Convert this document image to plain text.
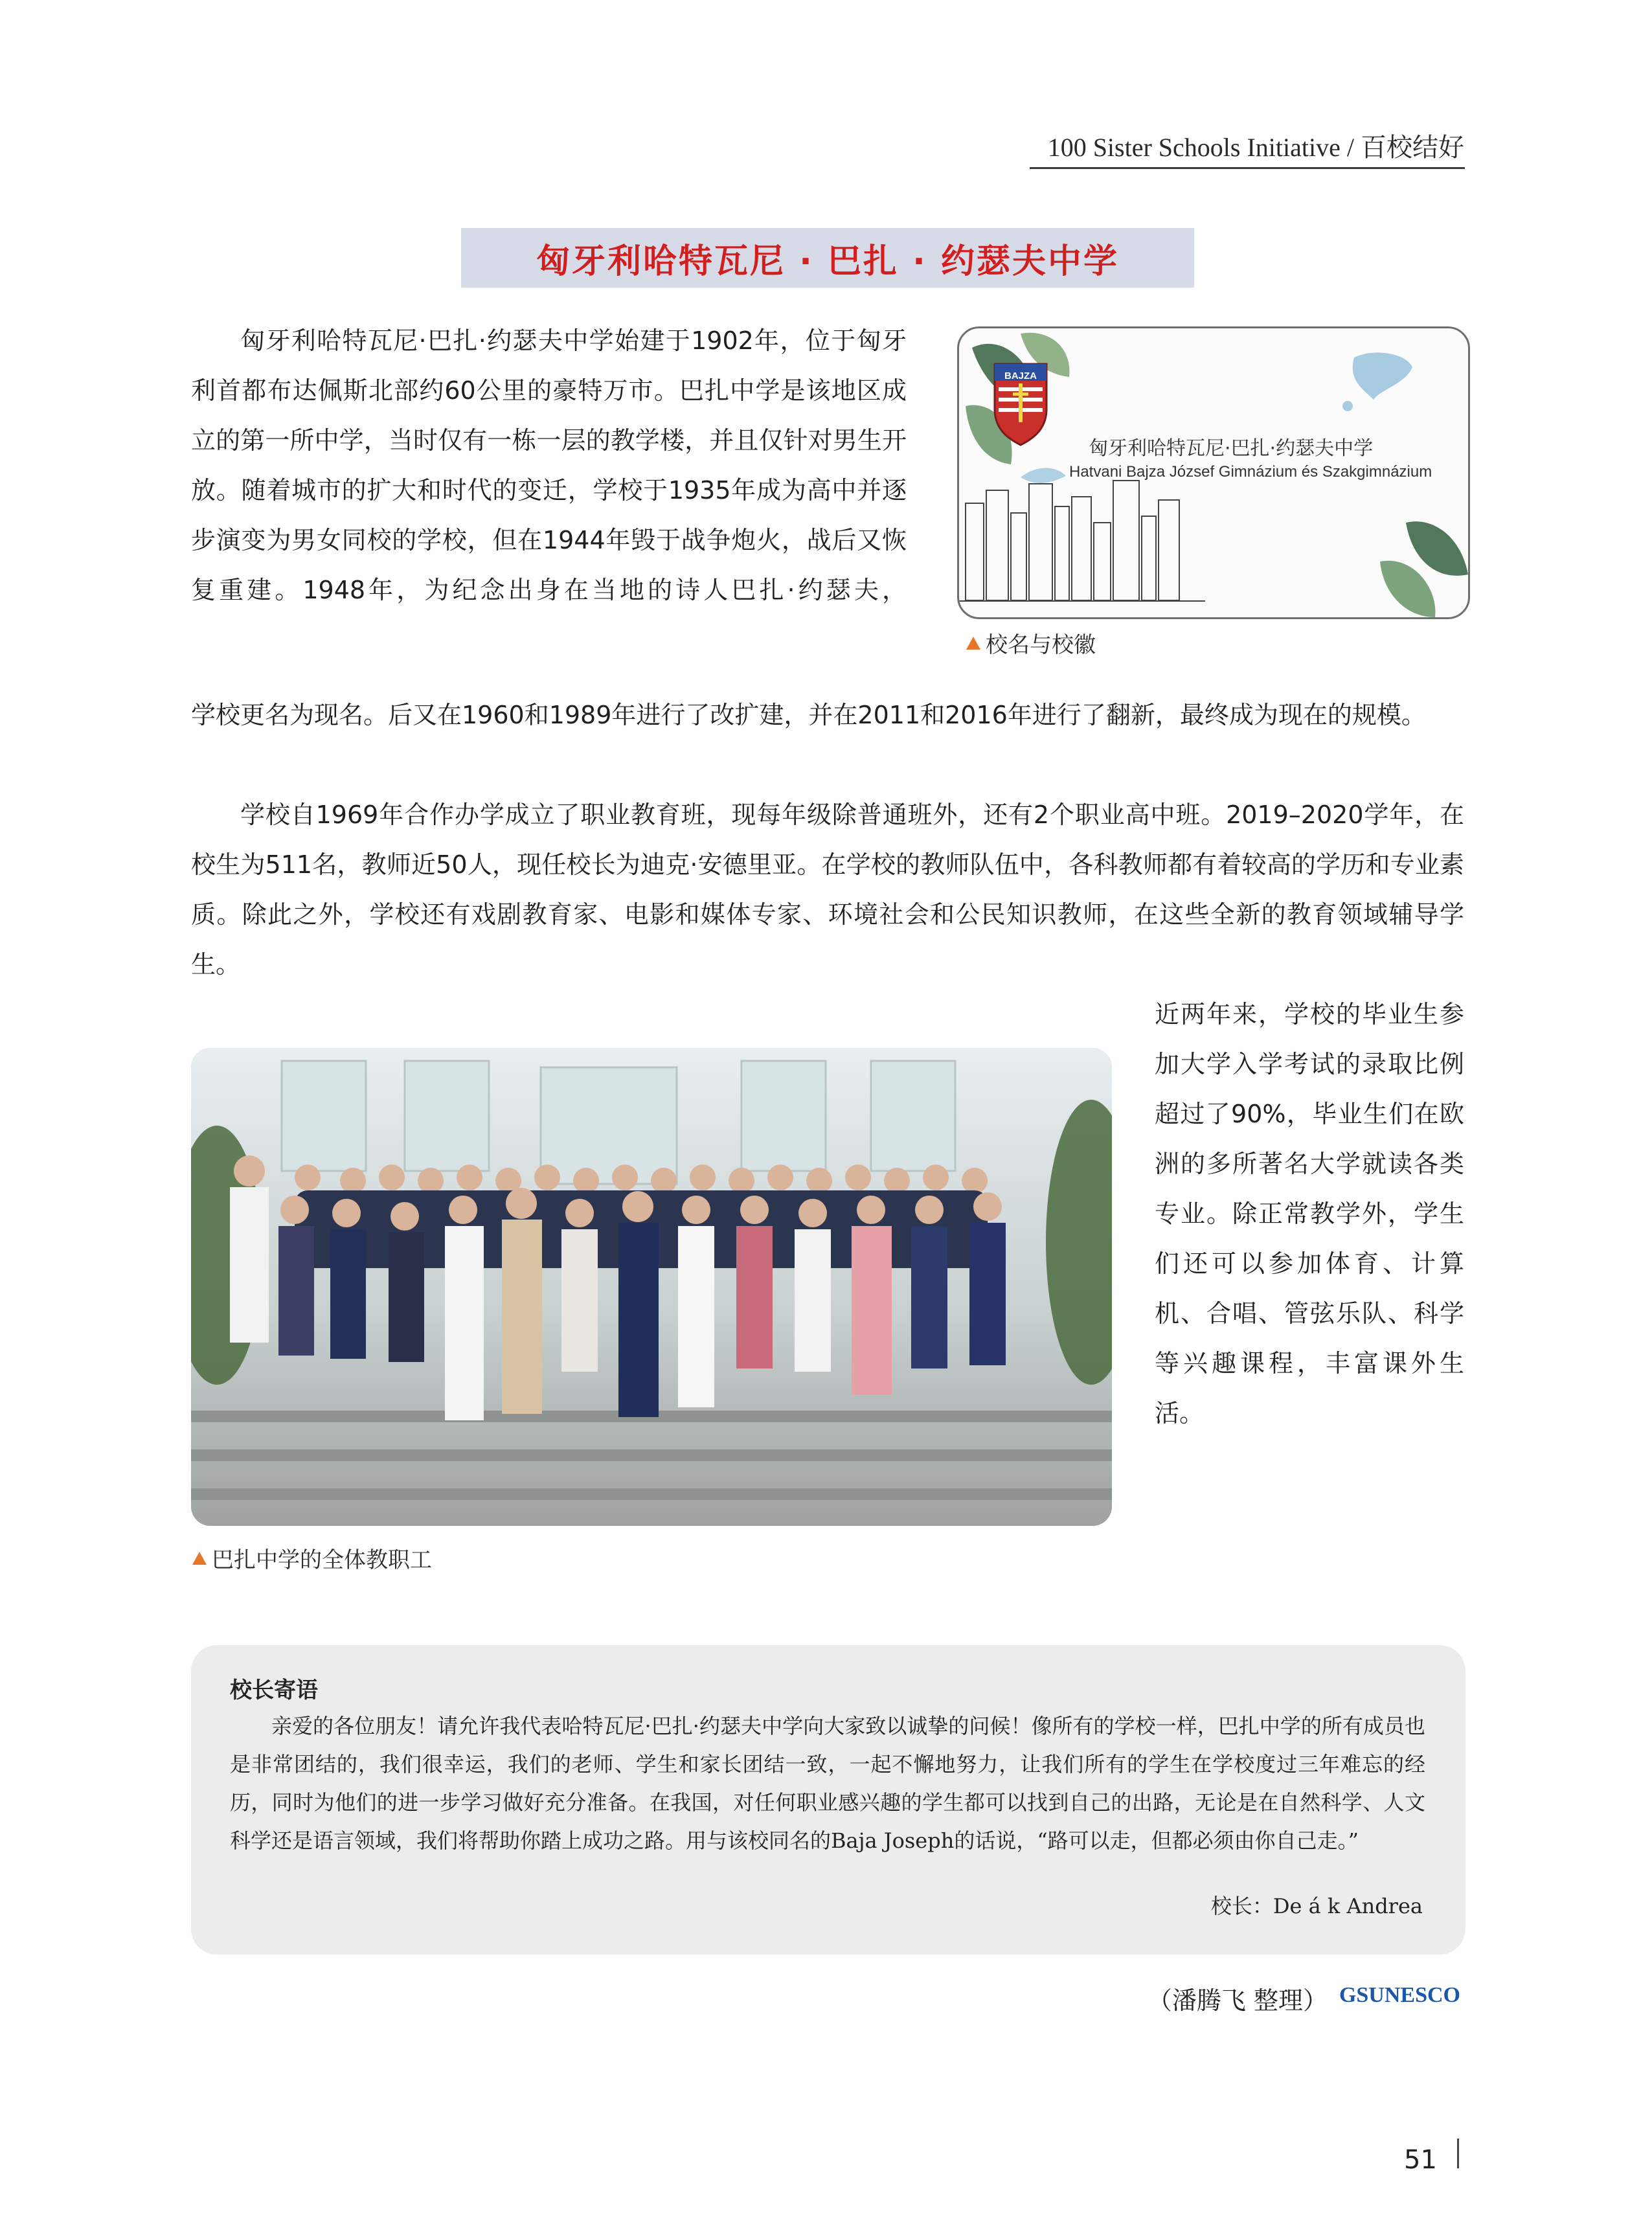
100 Sister Schools Initiative / 百校结好
匈牙利哈特瓦尼 · 巴扎 · 约瑟夫中学

匈牙利哈特瓦尼·巴扎·约瑟夫中学始建于1902年，位于匈牙利首都布达佩斯北部约60公里的豪特万市。巴扎中学是该地区成立的第一所中学，当时仅有一栋一层的教学楼，并且仅针对男生开放。随着城市的扩大和时代的变迁，学校于1935年成为高中并逐步演变为男女同校的学校，但在1944年毁于战争炮火，战后又恢复重建。1948年，为纪念出身在当地的诗人巴扎·约瑟夫，

BAJZA
匈牙利哈特瓦尼·巴扎·约瑟夫中学
Hatvani Bajza József Gimnázium és Szakgimnázium
校名与校徽

学校更名为现名。后又在1960和1989年进行了改扩建，并在2011和2016年进行了翻新，最终成为现在的规模。

学校自1969年合作办学成立了职业教育班，现每年级除普通班外，还有2个职业高中班。2019–2020学年，在校生为511名，教师近50人，现任校长为迪克·安德里亚。在学校的教师队伍中，各科教师都有着较高的学历和专业素质。除此之外，学校还有戏剧教育家、电影和媒体专家、环境社会和公民知识教师，在这些全新的教育领域辅导学生。

近两年来，学校的毕业生参加大学入学考试的录取比例超过了90%，毕业生们在欧洲的多所著名大学就读各类专业。除正常教学外，学生们还可以参加体育、计算机、合唱、管弦乐队、科学等兴趣课程，丰富课外生活。

巴扎中学的全体教职工
校长寄语

亲爱的各位朋友！请允许我代表哈特瓦尼·巴扎·约瑟夫中学向大家致以诚挚的问候！像所有的学校一样，巴扎中学的所有成员也是非常团结的，我们很幸运，我们的老师、学生和家长团结一致，一起不懈地努力，让我们所有的学生在学校度过三年难忘的经历，同时为他们的进一步学习做好充分准备。在我国，对任何职业感兴趣的学生都可以找到自己的出路，无论是在自然科学、人文科学还是语言领域，我们将帮助你踏上成功之路。用与该校同名的Baja Joseph的话说，“路可以走，但都必须由你自己走。”

校长：De á k Andrea
（潘腾飞 整理） GSUNESCO
51
